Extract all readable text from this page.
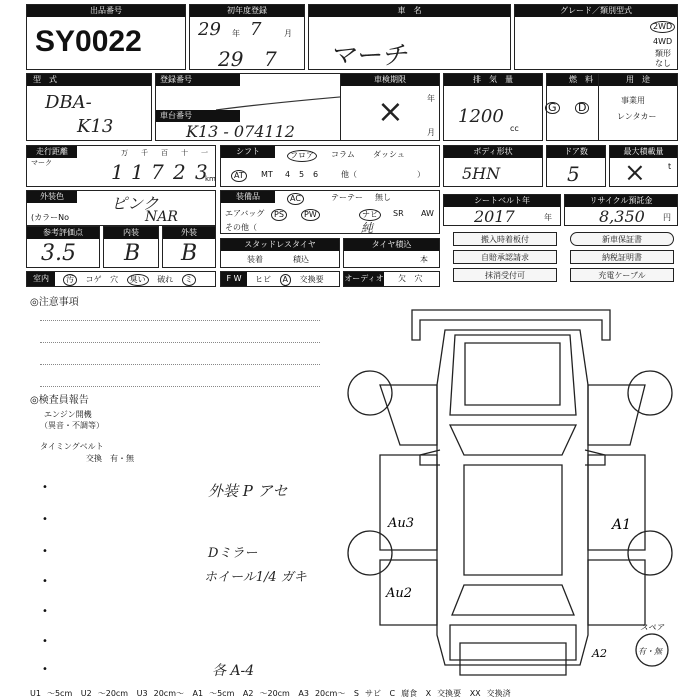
出品番号
SY0022
初年度登録
29 年 7	月
29 7
車　名
マーチ
グレード／類別型式
2WD
4WD
類形
なし
型　式
DBA-
K13
登録番号
車台番号
K13 - 074112
車検期限
×	年
月
排　気　量
1200
cc
燃　料
G D
用　途
事業用
レンタカー
走行距離
マーク
万 千 百 十 一
1 1 7 2 3
km
シフト	フロア	コラム ダッシュ
AT	MT 4 5 6	他（	）
ボディ形状
5HN
ドア数
5
最大積載量
×	t
外装色	ピンク
(カラーNo	NAR
装備品	AC	テーテー 無し
エアバッグ	PS	PW	ナビ	SR AW
その他（	純
シートベルト年
2017	年
リサイクル預託金
8,350 円
参考評価点
3.5
内装
B
外装
B	スタッドレスタイヤ
装着	積込
タイヤ積込
本
搬入時着板付	新車保証書
自賠承認請求	納税証明書
抹消受付可	充電ケーブル
室内	汚 コゲ 穴 臭い 破れ ミ	F W	ヒビ A 交換要	オーディオ 欠 穴
◎注意事項
◎検査員報告
エンジン開機
（異音・不調等）
タイミングベルト
交換　有・無
•
•
•
•
•
•
•
外装 P アセ
Dミラー
ホイール1/4 ガキ
各 A-4
Au3	A1
Au2
A2
スペア
有・無
U1 ～5cm U2 ～20cm U3 20cm～ A1 ～5cm A2 ～20cm A3 20cm～ S サビ C 腐食 X 交換要 XX 交換済
